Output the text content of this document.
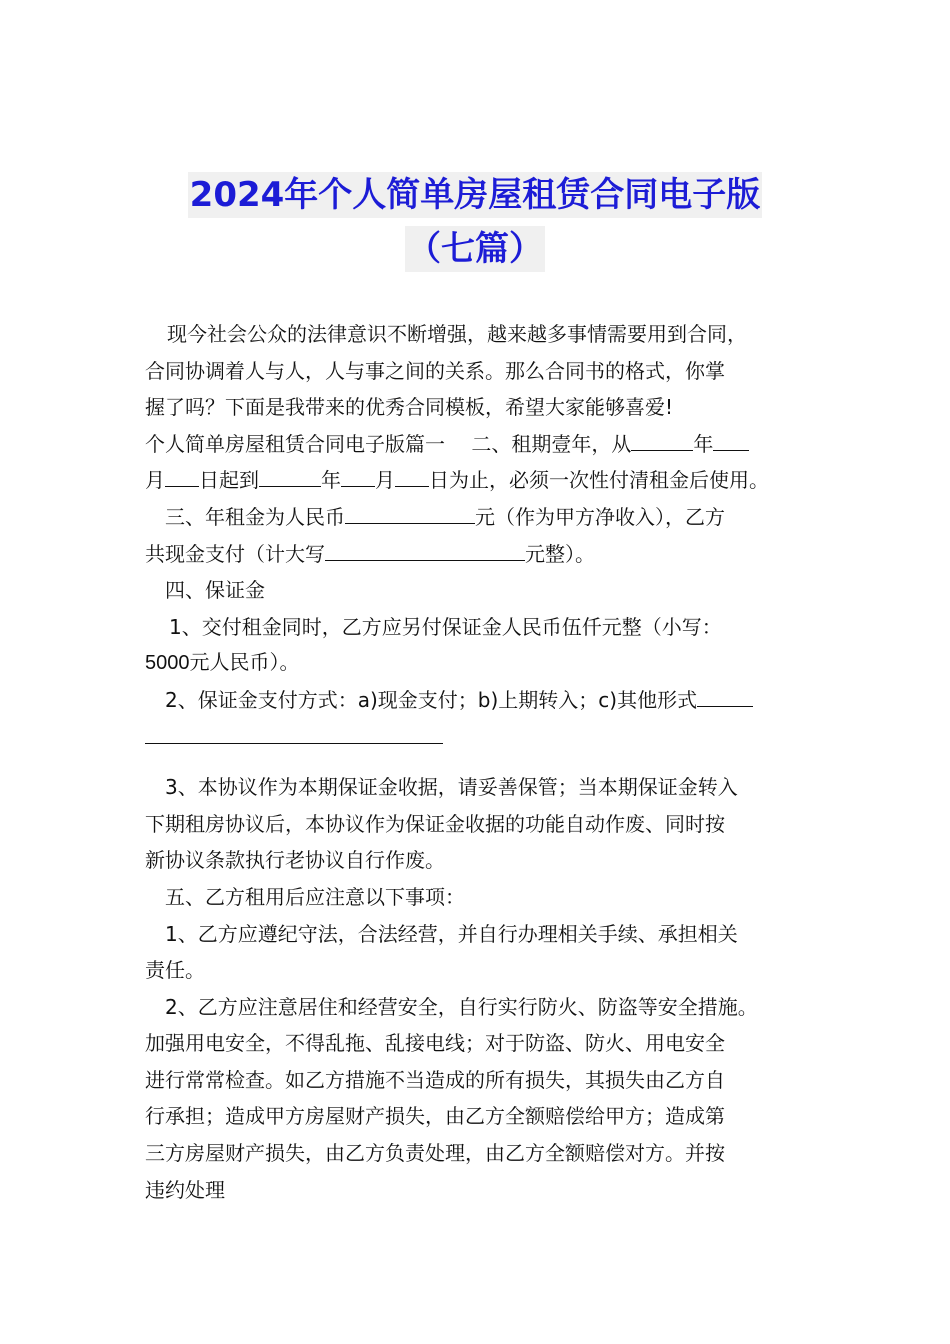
2024年个人简单房屋租赁合同电子版
（七篇）
现今社会公众的法律意识不断增强，越来越多事情需要用到合同，
合同协调着人与人，人与事之间的关系。那么合同书的格式，你掌
握了吗？下面是我带来的优秀合同模板，希望大家能够喜爱!
个人简单房屋租赁合同电子版篇一　 二、租期壹年，从	年
月 日起到	年 月 日为止，必须一次性付清租金后使用。
三、年租金为人民币	元（作为甲方净收入），乙方
共现金支付（计大写	元整）。
四、保证金
1、交付租金同时，乙方应另付保证金人民币伍仟元整（小写：
5000元人民币）。
2、保证金支付方式：a)现金支付；b)上期转入；c)其他形式
3、本协议作为本期保证金收据，请妥善保管；当本期保证金转入
下期租房协议后，本协议作为保证金收据的功能自动作废、同时按
新协议条款执行老协议自行作废。
五、乙方租用后应注意以下事项：
1、乙方应遵纪守法，合法经营，并自行办理相关手续、承担相关
责任。
2、乙方应注意居住和经营安全，自行实行防火、防盗等安全措施。
加强用电安全，不得乱拖、乱接电线；对于防盗、防火、用电安全
进行常常检查。如乙方措施不当造成的所有损失，其损失由乙方自
行承担；造成甲方房屋财产损失，由乙方全额赔偿给甲方；造成第
三方房屋财产损失，由乙方负责处理，由乙方全额赔偿对方。并按
违约处理
